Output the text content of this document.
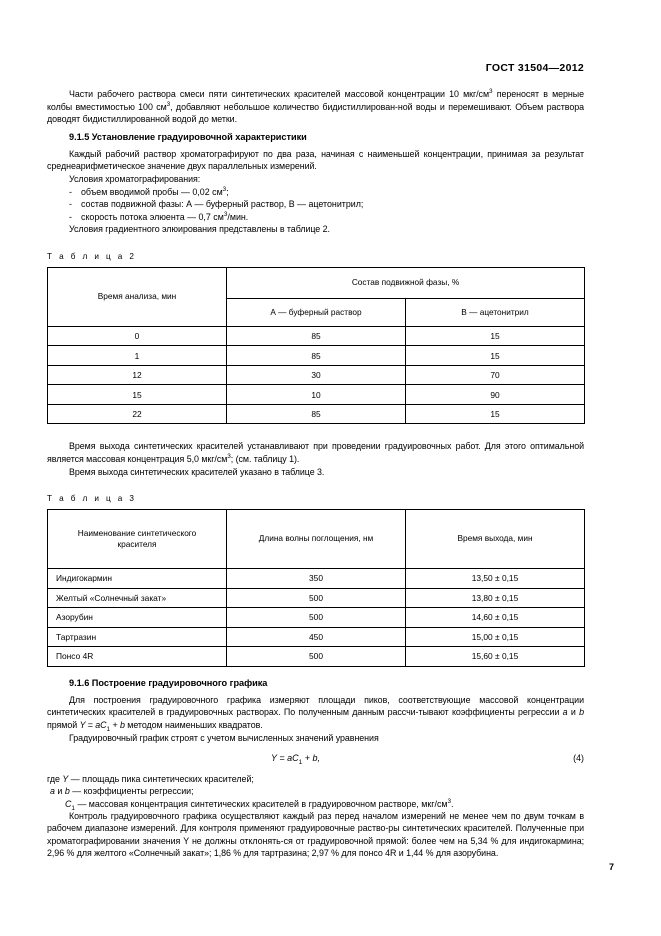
ГОСТ 31504—2012

Части рабочего раствора смеси пяти синтетических красителей массовой концентрации 10 мкг/$см^3$ переносят в мерные колбы вместимостью 100 $см^3$, добавляют небольшое количество бидистиллирован-ной воды и перемешивают. Объем раствора доводят бидистиллированной водой до метки.

9.1.5 Установление градуировочной характеристики

Каждый рабочий раствор хроматографируют по два раза, начиная с наименьшей концентрации, принимая за результат среднеарифметическое значение двух параллельных измерений.

Условия хроматографирования:

- объем вводимой пробы — 0,02 $см^3$;

- состав подвижной фазы: А — буферный раствор, В — ацетонитрил;

- скорость потока элюента — 0,7 $см^3$/мин.

Условия градиентного элюирования представлены в таблице 2.

Т а б л и ц а 2

Время анализа, мин	Состав подвижной фазы, %	
	А — буферный раствор	В — ацетонитрил
0	85	15
1	85	15
12	30	70
15	10	90
22	85	15

Время выхода синтетических красителей устанавливают при проведении градуировочных работ. Для этого оптимальной является массовая концентрация 5,0 мкг/$см^3$; (см. таблицу 1).

Время выхода синтетических красителей указано в таблице 3.

Т а б л и ц а 3

Наименование синтетического
красителя	Длина волны поглощения, нм	Время выхода, мин
Индигокармин	350	13,50 ± 0,15
Желтый «Солнечный закат»	500	13,80 ± 0,15
Азорубин	500	14,60 ± 0,15
Тартразин	450	15,00 ± 0,15
Понсо 4R	500	15,60 ± 0,15

9.1.6 Построение градуировочного графика

Для построения градуировочного графика измеряют площади пиков, соответствующие массовой концентрации синтетических красителей в градуировочных растворах. По полученным данным рассчи-тывают коэффициенты регрессии a и b прямой $Y = aC_1 + b$ методом наименьших квадратов.

Градуировочный график строят с учетом вычисленных значений уравнения

$Y = aC_1 + b$,	(4)

где Y — площадь пика синтетических красителей;

a и b — коэффициенты регрессии;

$C_1$ — массовая концентрация синтетических красителей в градуировочном растворе, мкг/$см^3$.

Контроль градуировочного графика осуществляют каждый раз перед началом измерений не менее чем по двум точкам в рабочем диапазоне измерений. Для контроля применяют градуировочные раство-ры синтетических красителей. Полученные при хроматографировании значения Y не должны отклонять-ся от градуировочной прямой: более чем на 5,34 % для индигокармина; 2,96 % для желтого «Солнечный закат»; 1,86 % для тартразина; 2,97 % для понсо 4R и 1,44 % для азорубина.

7
